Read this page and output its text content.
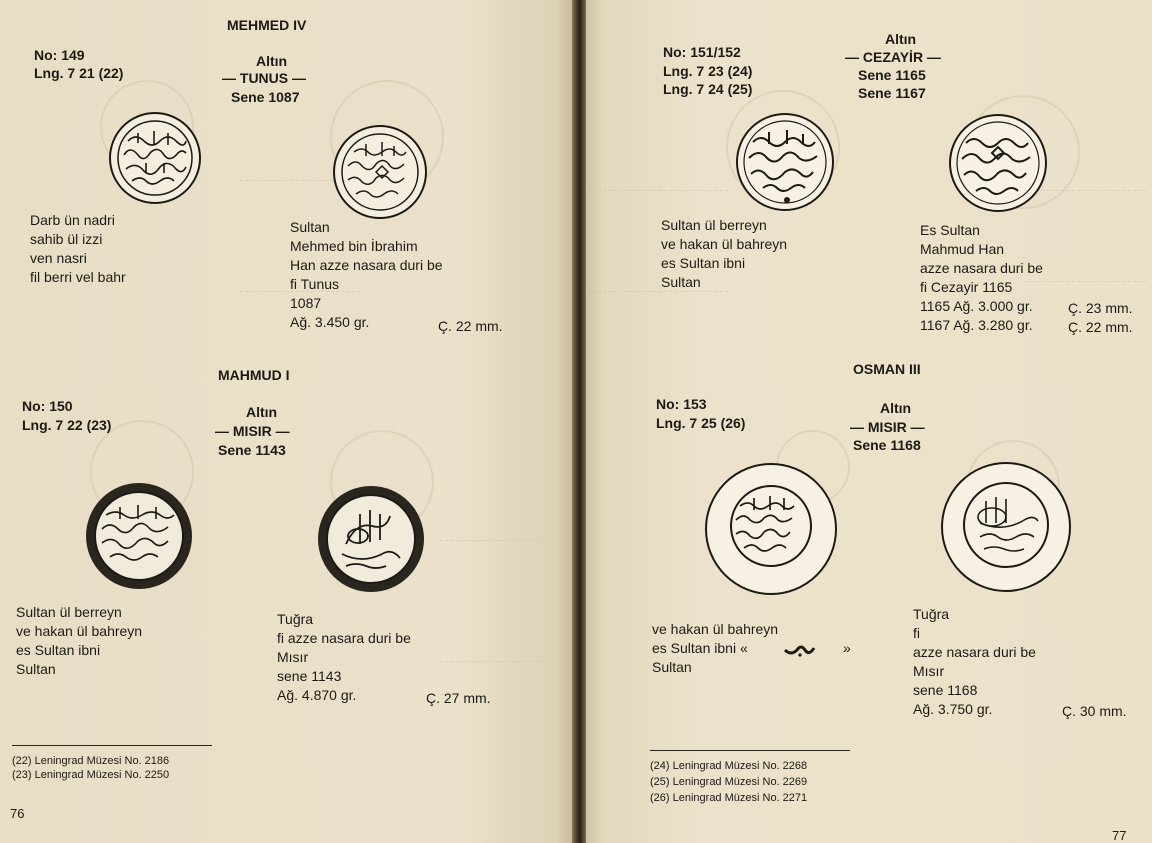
MEHMED IV
No: 149
Lng. 7 21 (22)
Altın
— TUNUS —
Sene 1087
Darb ün nadri
sahib ül izzi
ven nasri
fil berri vel bahr
Sultan
Mehmed bin İbrahim
Han azze nasara duri be
fi Tunus
1087
Ağ. 3.450 gr.	Ç. 22 mm.
MAHMUD I
No: 150
Lng. 7 22 (23)
Altın
— MISIR —
Sene 1143
Sultan ül berreyn
ve hakan ül bahreyn
es Sultan ibni
Sultan
Tuğra
fi azze nasara duri be
Mısır
sene 1143
Ağ. 4.870 gr.	Ç. 27 mm.
(22) Leningrad Müzesi No. 2186
(23) Leningrad Müzesi No. 2250
76
No: 151/152
Lng. 7 23 (24)
Lng. 7 24 (25)
Altın
— CEZAYİR —
Sene 1165
Sene 1167
Sultan ül berreyn
ve hakan ül bahreyn
es Sultan ibni
Sultan
Es Sultan
Mahmud Han
azze nasara duri be
fi Cezayir 1165
1165 Ağ. 3.000 gr.	Ç. 23 mm.
1167 Ağ. 3.280 gr.	Ç. 22 mm.
OSMAN III
No: 153
Lng. 7 25 (26)
Altın
— MISIR —
Sene 1168
ve hakan ül bahreyn
es Sultan ibni «	»
Sultan
Tuğra
fi
azze nasara duri be
Mısır
sene 1168
Ağ. 3.750 gr.	Ç. 30 mm.
(24) Leningrad Müzesi No. 2268
(25) Leningrad Müzesi No. 2269
(26) Leningrad Müzesi No. 2271
77
